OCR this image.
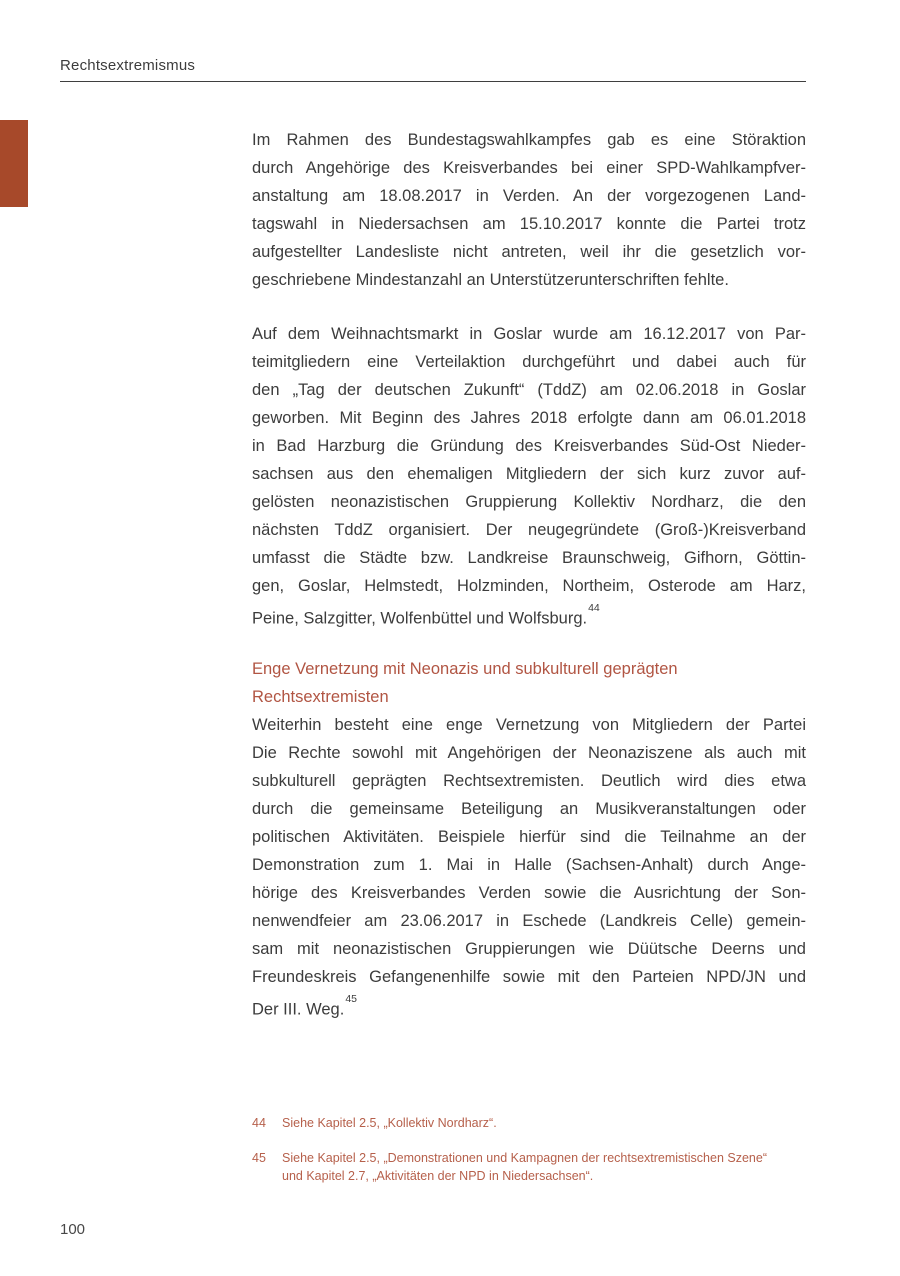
Rechtsextremismus
Im Rahmen des Bundestagswahlkampfes gab es eine Störaktion
durch Angehörige des Kreisverbandes bei einer SPD-Wahlkampfver-
anstaltung am 18.08.2017 in Verden. An der vorgezogenen Land-
tagswahl in Niedersachsen am 15.10.2017 konnte die Partei trotz
aufgestellter Landesliste nicht antreten, weil ihr die gesetzlich vor-
geschriebene Mindestanzahl an Unterstützerunterschriften fehlte.
Auf dem Weihnachtsmarkt in Goslar wurde am 16.12.2017 von Par-
teimitgliedern eine Verteilaktion durchgeführt und dabei auch für
den „Tag der deutschen Zukunft“ (TddZ) am 02.06.2018 in Goslar
geworben. Mit Beginn des Jahres 2018 erfolgte dann am 06.01.2018
in Bad Harzburg die Gründung des Kreisverbandes Süd-Ost Nieder-
sachsen aus den ehemaligen Mitgliedern der sich kurz zuvor auf-
gelösten neonazistischen Gruppierung Kollektiv Nordharz, die den
nächsten TddZ organisiert. Der neugegründete (Groß-)Kreisverband
umfasst die Städte bzw. Landkreise Braunschweig, Gifhorn, Göttin-
gen, Goslar, Helmstedt, Holzminden, Northeim, Osterode am Harz,
Peine, Salzgitter, Wolfenbüttel und Wolfsburg.$^{44}$
Enge Vernetzung mit Neonazis und subkulturell geprägten
Rechtsextremisten
Weiterhin besteht eine enge Vernetzung von Mitgliedern der Partei
Die Rechte sowohl mit Angehörigen der Neonaziszene als auch mit
subkulturell geprägten Rechtsextremisten. Deutlich wird dies etwa
durch die gemeinsame Beteiligung an Musikveranstaltungen oder
politischen Aktivitäten. Beispiele hierfür sind die Teilnahme an der
Demonstration zum 1. Mai in Halle (Sachsen-Anhalt) durch Ange-
hörige des Kreisverbandes Verden sowie die Ausrichtung der Son-
nenwendfeier am 23.06.2017 in Eschede (Landkreis Celle) gemein-
sam mit neonazistischen Gruppierungen wie Düütsche Deerns und
Freundeskreis Gefangenenhilfe sowie mit den Parteien NPD/JN und
Der III. Weg.$^{45}$
44	Siehe Kapitel 2.5, „Kollektiv Nordharz“.
45	Siehe Kapitel 2.5, „Demonstrationen und Kampagnen der rechtsextremistischen Szene“
und Kapitel 2.7, „Aktivitäten der NPD in Niedersachsen“.
100
